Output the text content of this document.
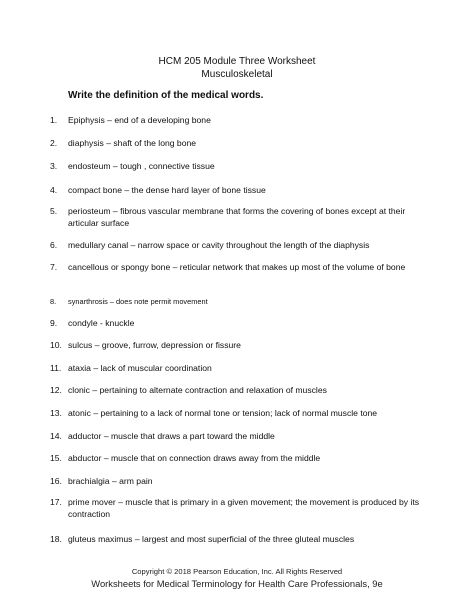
HCM 205 Module Three Worksheet
Musculoskeletal
Write the definition of the medical words.
1.	Epiphysis – end of a developing bone
2.	diaphysis – shaft of the long bone
3.	endosteum – tough , connective tissue
4.	compact bone – the dense hard layer of bone tissue
5.	periosteum – fibrous vascular membrane that forms the covering of bones except at their articular surface
6.	medullary canal – narrow space or cavity throughout the length of the diaphysis
7.	cancellous or spongy bone – reticular network that makes up most of the volume of bone
8.	synarthrosis – does note permit movement
9.	condyle - knuckle
10. sulcus – groove, furrow, depression or fissure
11. ataxia – lack of muscular coordination
12. clonic – pertaining to alternate contraction and relaxation of muscles
13. atonic – pertaining to a lack of normal tone or tension; lack of normal muscle tone
14. adductor – muscle that draws a part toward the middle
15. abductor – muscle that on connection draws away from the middle
16. brachialgia – arm pain
17. prime mover – muscle that is primary in a given movement; the movement is produced by its contraction
18. gluteus maximus – largest and most superficial of the three gluteal muscles
Copyright © 2018 Pearson Education, Inc. All Rights Reserved
Worksheets for Medical Terminology for Health Care Professionals, 9e
